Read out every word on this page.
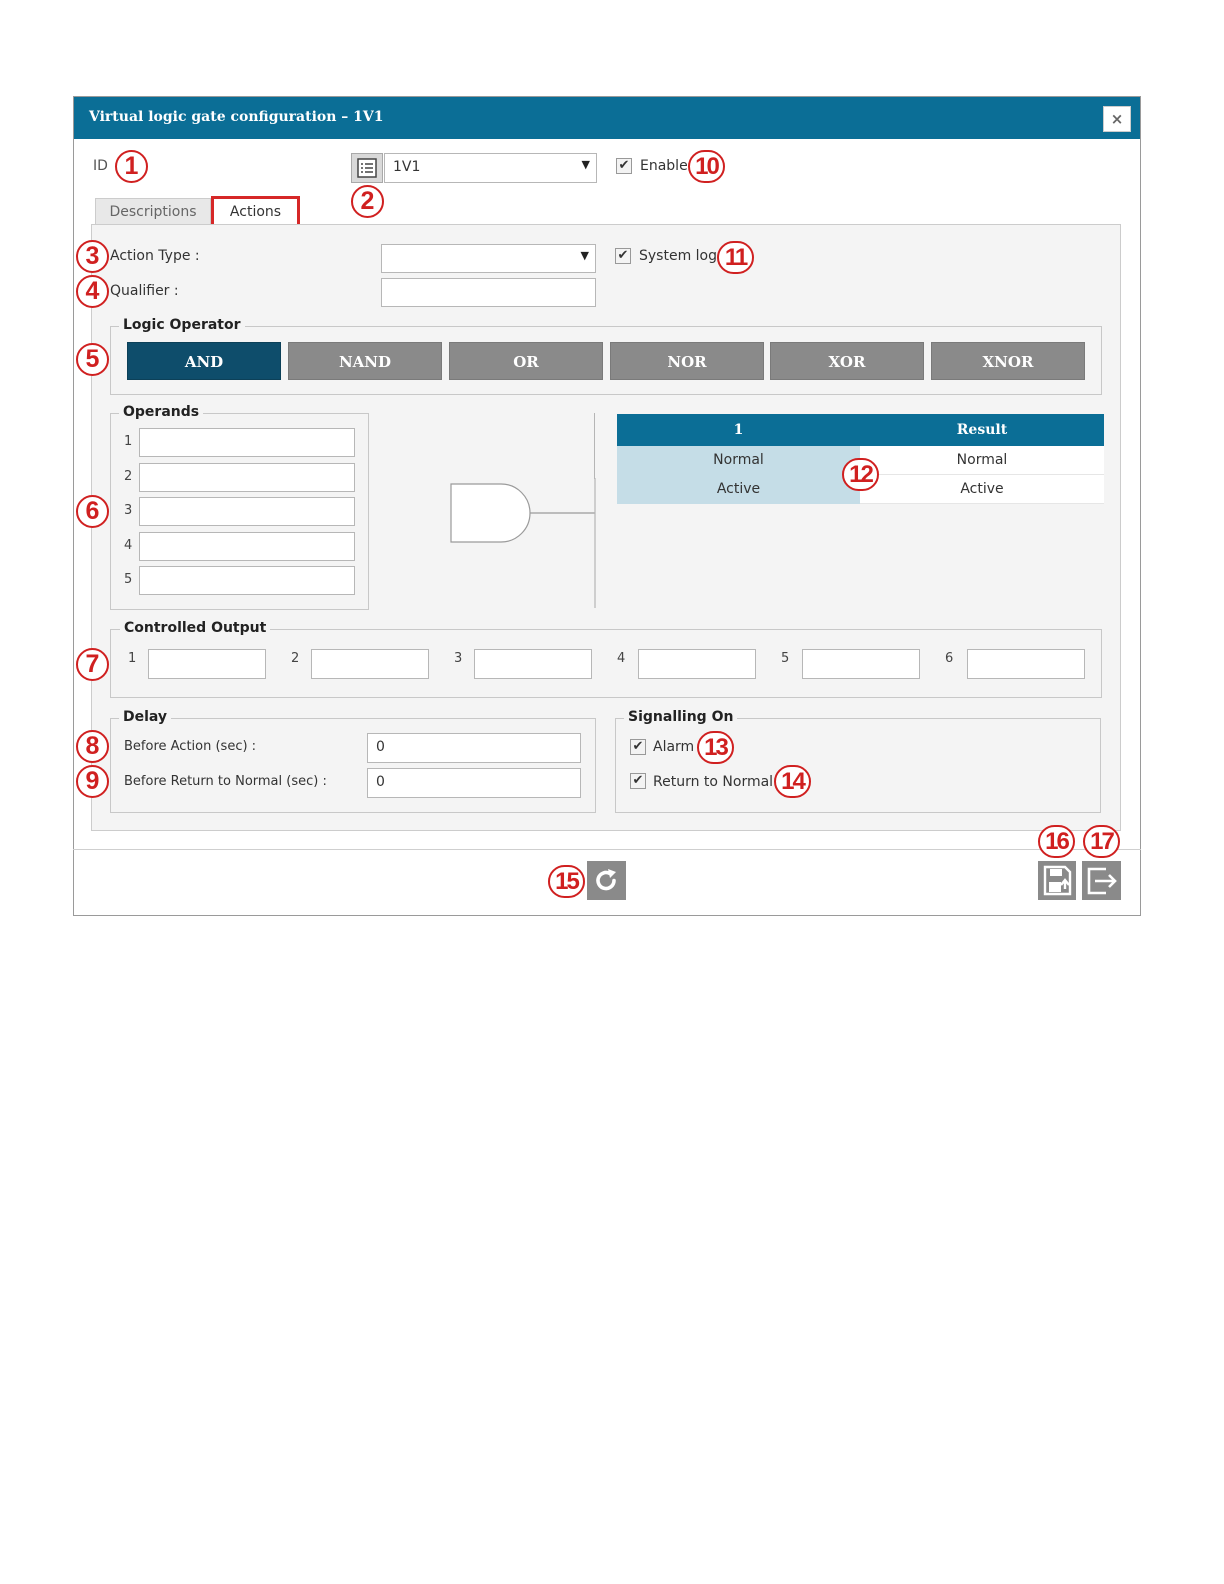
Virtual logic gate configuration – 1V1	×
ID	1V1	▼ ✔ Enable
Descriptions	Actions
Action Type :	▼ ✔ System log
Qualifier :
Logic Operator
AND	NAND	OR	NOR	XOR	XNOR
Operands
1
2
3
4
5
1	Result
Normal	Normal
Active	Active
Controlled Output
1	2	3	4	5	6
Delay
Before Action (sec) :	0
Before Return to Normal (sec) :	0
Signalling On
✔ Alarm
✔ Return to Normal
1
2
3
4
5
6
7
8
9
10
11
12
13
14
15
16 17
